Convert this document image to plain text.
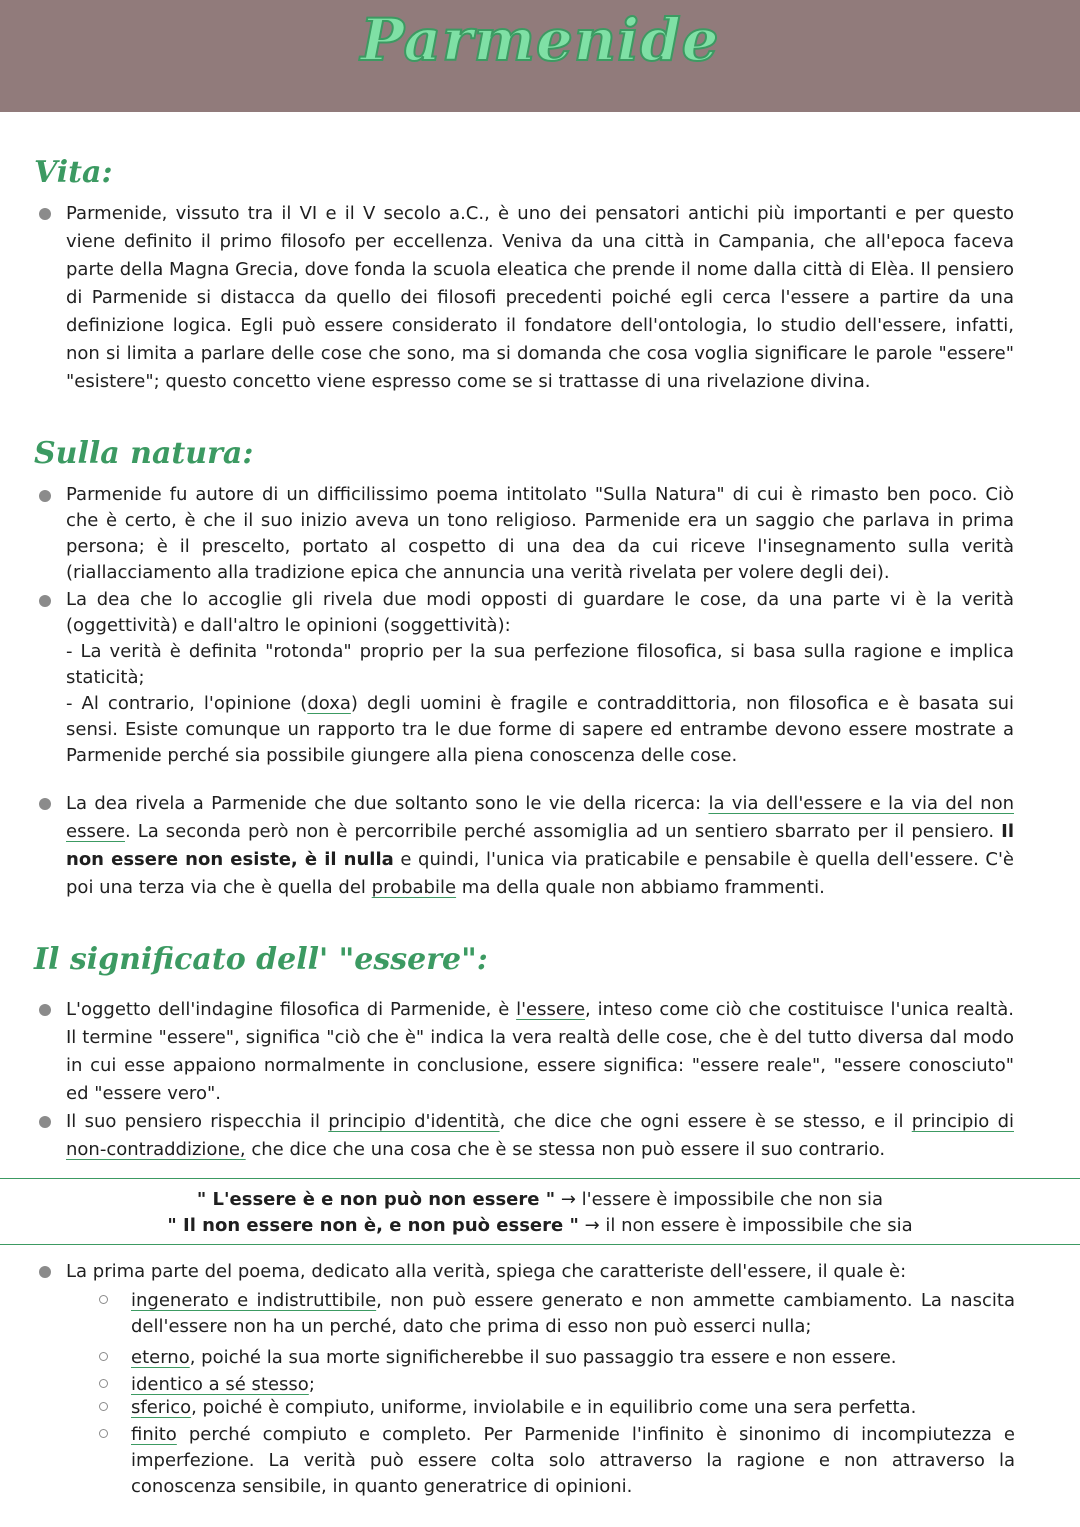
Parmenide
Vita:
Parmenide, vissuto tra il VI e il V secolo a.C., è uno dei pensatori antichi più importanti e per questo viene definito il primo filosofo per eccellenza. Veniva da una città in Campania, che all'epoca faceva parte della Magna Grecia, dove fonda la scuola eleatica che prende il nome dalla città di Elèa. Il pensiero di Parmenide si distacca da quello dei filosofi precedenti poiché egli cerca l'essere a partire da una definizione logica. Egli può essere considerato il fondatore dell'ontologia, lo studio dell'essere, infatti, non si limita a parlare delle cose che sono, ma si domanda che cosa voglia significare le parole "essere" "esistere"; questo concetto viene espresso come se si trattasse di una rivelazione divina.
Sulla natura:
Parmenide fu autore di un difficilissimo poema intitolato "Sulla Natura" di cui è rimasto ben poco. Ciò che è certo, è che il suo inizio aveva un tono religioso. Parmenide era un saggio che parlava in prima persona; è il prescelto, portato al cospetto di una dea da cui riceve l'insegnamento sulla verità (riallacciamento alla tradizione epica che annuncia una verità rivelata per volere degli dei).
La dea che lo accoglie gli rivela due modi opposti di guardare le cose, da una parte vi è la verità (oggettività) e dall'altro le opinioni (soggettività):
- La verità è definita "rotonda" proprio per la sua perfezione filosofica, si basa sulla ragione e implica staticità;
- Al contrario, l'opinione (doxa) degli uomini è fragile e contraddittoria, non filosofica e è basata sui sensi. Esiste comunque un rapporto tra le due forme di sapere ed entrambe devono essere mostrate a Parmenide perché sia possibile giungere alla piena conoscenza delle cose.
La dea rivela a Parmenide che due soltanto sono le vie della ricerca: la via dell'essere e la via del non essere. La seconda però non è percorribile perché assomiglia ad un sentiero sbarrato per il pensiero. Il non essere non esiste, è il nulla e quindi, l'unica via praticabile e pensabile è quella dell'essere. C'è poi una terza via che è quella del probabile ma della quale non abbiamo frammenti.
Il significato dell' "essere":
L'oggetto dell'indagine filosofica di Parmenide, è l'essere, inteso come ciò che costituisce l'unica realtà. Il termine "essere", significa "ciò che è" indica la vera realtà delle cose, che è del tutto diversa dal modo in cui esse appaiono normalmente in conclusione, essere significa: "essere reale", "essere conosciuto" ed "essere vero".
Il suo pensiero rispecchia il principio d'identità, che dice che ogni essere è se stesso, e il principio di non-contraddizione, che dice che una cosa che è se stessa non può essere il suo contrario.
" L'essere è e non può non essere " → l'essere è impossibile che non sia
" Il non essere non è, e non può essere " → il non essere è impossibile che sia
La prima parte del poema, dedicato alla verità, spiega che caratteriste dell'essere, il quale è:
ingenerato e indistruttibile, non può essere generato e non ammette cambiamento. La nascita dell'essere non ha un perché, dato che prima di esso non può esserci nulla;
eterno, poiché la sua morte significherebbe il suo passaggio tra essere e non essere.
identico a sé stesso;
sferico, poiché è compiuto, uniforme, inviolabile e in equilibrio come una sera perfetta.
finito perché compiuto e completo. Per Parmenide l'infinito è sinonimo di incompiutezza e imperfezione. La verità può essere colta solo attraverso la ragione e non attraverso la conoscenza sensibile, in quanto generatrice di opinioni.
